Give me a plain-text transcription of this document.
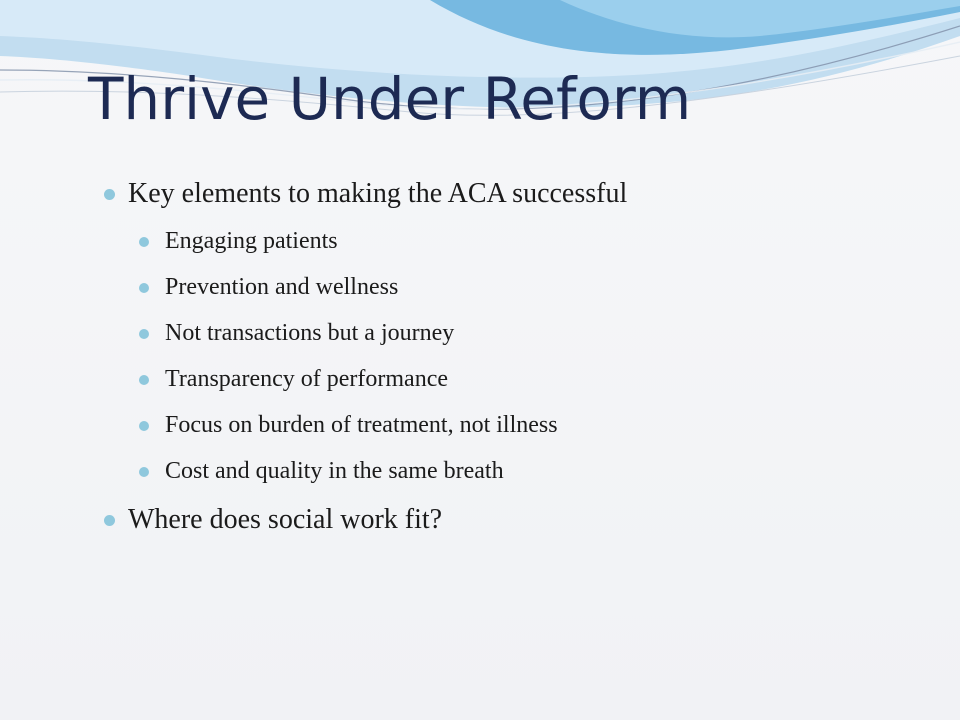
Thrive Under Reform
Key elements to making the ACA successful
Engaging patients
Prevention and wellness
Not transactions but a journey
Transparency of performance
Focus on burden of treatment, not illness
Cost and quality in the same breath
Where does social work fit?
